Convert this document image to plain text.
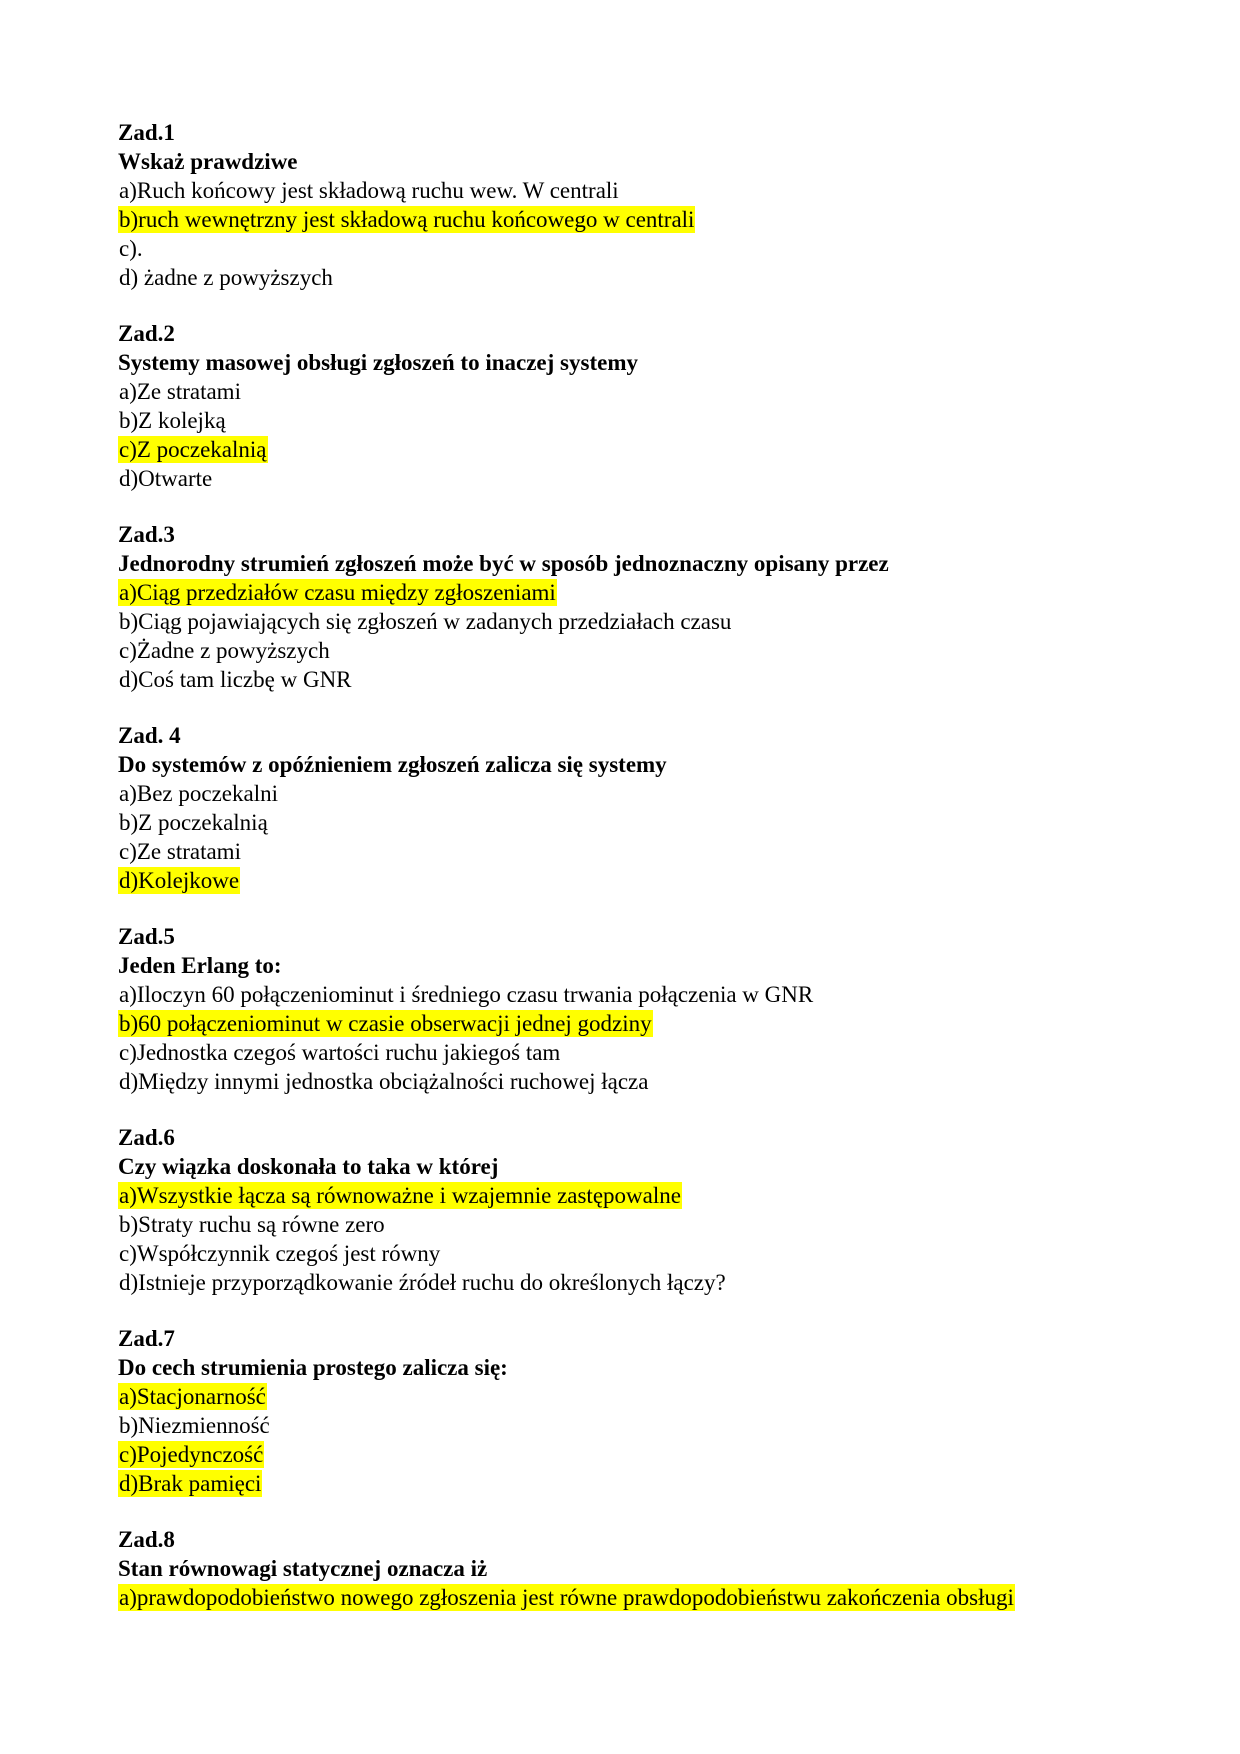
Zad.1
Wskaż prawdziwe
a)Ruch końcowy jest składową ruchu wew. W centrali
b)ruch wewnętrzny jest składową ruchu końcowego w centrali
c).
d) żadne z powyższych
Zad.2
Systemy masowej obsługi zgłoszeń to inaczej systemy
a)Ze stratami
b)Z kolejką
c)Z poczekalnią
d)Otwarte
Zad.3
Jednorodny strumień zgłoszeń może być w sposób jednoznaczny opisany przez
a)Ciąg przedziałów czasu między zgłoszeniami
b)Ciąg pojawiających się zgłoszeń w zadanych przedziałach czasu
c)Żadne z powyższych
d)Coś tam liczbę w GNR
Zad. 4
Do systemów z opóźnieniem zgłoszeń zalicza się systemy
a)Bez poczekalni
b)Z poczekalnią
c)Ze stratami
d)Kolejkowe
Zad.5
Jeden Erlang to:
a)Iloczyn 60 połączeniominut i średniego czasu trwania połączenia w GNR
b)60 połączeniominut w czasie obserwacji jednej godziny
c)Jednostka czegoś wartości ruchu jakiegoś tam
d)Między innymi jednostka obciążalności ruchowej łącza
Zad.6
Czy wiązka doskonała to taka w której
a)Wszystkie łącza są równoważne i wzajemnie zastępowalne
b)Straty ruchu są równe zero
c)Współczynnik czegoś jest równy
d)Istnieje przyporządkowanie źródeł ruchu do określonych łączy?
Zad.7
Do cech strumienia prostego zalicza się:
a)Stacjonarność
b)Niezmienność
c)Pojedynczość
d)Brak pamięci
Zad.8
Stan równowagi statycznej oznacza iż
a)prawdopodobieństwo nowego zgłoszenia jest równe prawdopodobieństwu zakończenia obsługi
